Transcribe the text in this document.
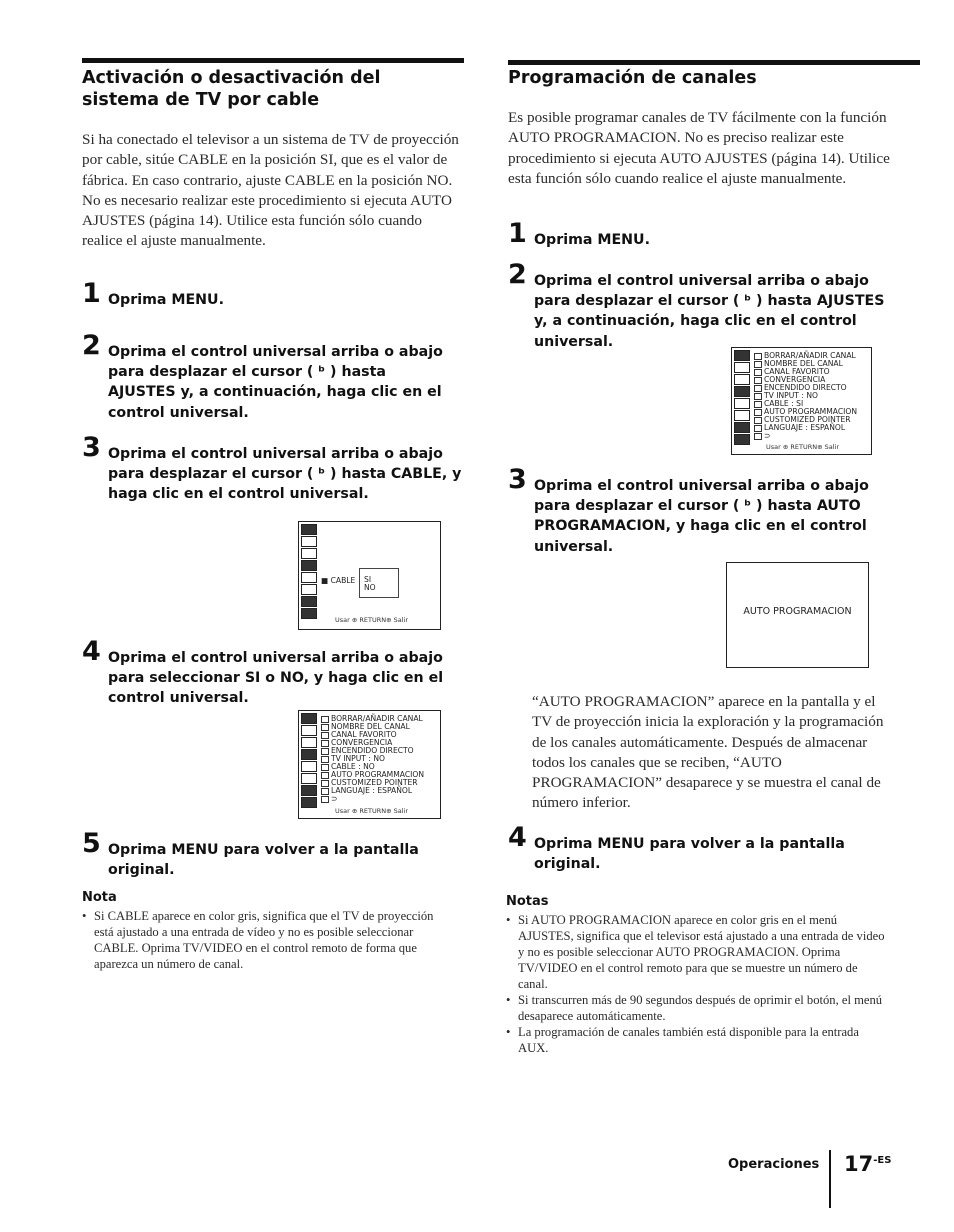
Activación o desactivación del sistema de TV por cable

Si ha conectado el televisor a un sistema de TV de proyección por cable, sitúe CABLE en la posición SI, que es el valor de fábrica. En caso contrario, ajuste CABLE en la posición NO. No es necesario realizar este procedimiento si ejecuta AUTO AJUSTES (página 14). Utilice esta función sólo cuando realice el ajuste manualmente.

1 Oprima MENU.
2 Oprima el control universal arriba o abajo para desplazar el cursor ( ᵇ ) hasta AJUSTES y, a continuación, haga clic en el control universal.
3 Oprima el control universal arriba o abajo para desplazar el cursor ( ᵇ ) hasta CABLE, y haga clic en el control universal.
■ CABLE SI
NO
Usar ⊕ RETURN⊕ Salir
4 Oprima el control universal arriba o abajo para seleccionar SI o NO, y haga clic en el control universal.
BORRAR/AÑADIR CANAL
NOMBRE DEL CANAL
CANAL FAVORITO
CONVERGENCIA
ENCENDIDO DIRECTO
TV INPUT : NO
CABLE : NO
AUTO PROGRAMMACION
CUSTOMIZED POINTER
LANGUAJE : ESPAÑOL
⊃
Usar ⊕ RETURN⊕ Salir
5 Oprima MENU para volver a la pantalla original.
Nota
• Si CABLE aparece en color gris, significa que el TV de proyección está ajustado a una entrada de vídeo y no es posible seleccionar CABLE. Oprima TV/VIDEO en el control remoto de forma que aparezca un número de canal.
Programación de canales

Es posible programar canales de TV fácilmente con la función AUTO PROGRAMACION. No es preciso realizar este procedimiento si ejecuta AUTO AJUSTES (página 14). Utilice esta función sólo cuando realice el ajuste manualmente.

1 Oprima MENU.
2 Oprima el control universal arriba o abajo para desplazar el cursor ( ᵇ ) hasta AJUSTES y, a continuación, haga clic en el control universal.
BORRAR/AÑADIR CANAL
NOMBRE DEL CANAL
CANAL FAVORITO
CONVERGENCIA
ENCENDIDO DIRECTO
TV INPUT : NO
CABLE : SI
AUTO PROGRAMMACION
CUSTOMIZED POINTER
LANGUAJE : ESPAÑOL
⊃
Usar ⊕ RETURN⊕ Salir
3 Oprima el control universal arriba o abajo para desplazar el cursor ( ᵇ ) hasta AUTO PROGRAMACION, y haga clic en el control universal.
AUTO PROGRAMACION

“AUTO PROGRAMACION” aparece en la pantalla y el TV de proyección inicia la exploración y la programación de los canales automáticamente. Después de almacenar todos los canales que se reciben, “AUTO PROGRAMACION” desaparece y se muestra el canal de número inferior.

4 Oprima MENU para volver a la pantalla original.
Notas
• Si AUTO PROGRAMACION aparece en color gris en el menú AJUSTES, significa que el televisor está ajustado a una entrada de video y no es posible seleccionar AUTO PROGRAMACION. Oprima TV/VIDEO en el control remoto para que se muestre un número de canal.
• Si transcurren más de 90 segundos después de oprimir el botón, el menú desaparece automáticamente.
• La programación de canales también está disponible para la entrada AUX.
Operaciones $17^{-ES}$
